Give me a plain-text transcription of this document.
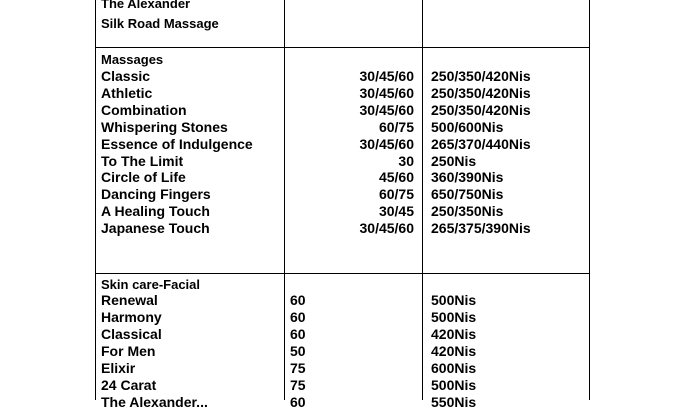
The Alexander
Silk Road Massage
Massages
Classic	30/45/60 250/350/420Nis
Athletic	30/45/60 250/350/420Nis
Combination	30/45/60 250/350/420Nis
Whispering Stones	60/75 500/600Nis
Essence of Indulgence	30/45/60 265/370/440Nis
To The Limit	30 250Nis
Circle of Life	45/60 360/390Nis
Dancing Fingers	60/75 650/750Nis
A Healing Touch	30/45 250/350Nis
Japanese Touch	30/45/60 265/375/390Nis
Skin care-Facial
Renewal	60	500Nis
Harmony	60	500Nis
Classical	60	420Nis
For Men	50	420Nis
Elixir	75	600Nis
24 Carat	75	500Nis
The Alexander...	60	550Nis
